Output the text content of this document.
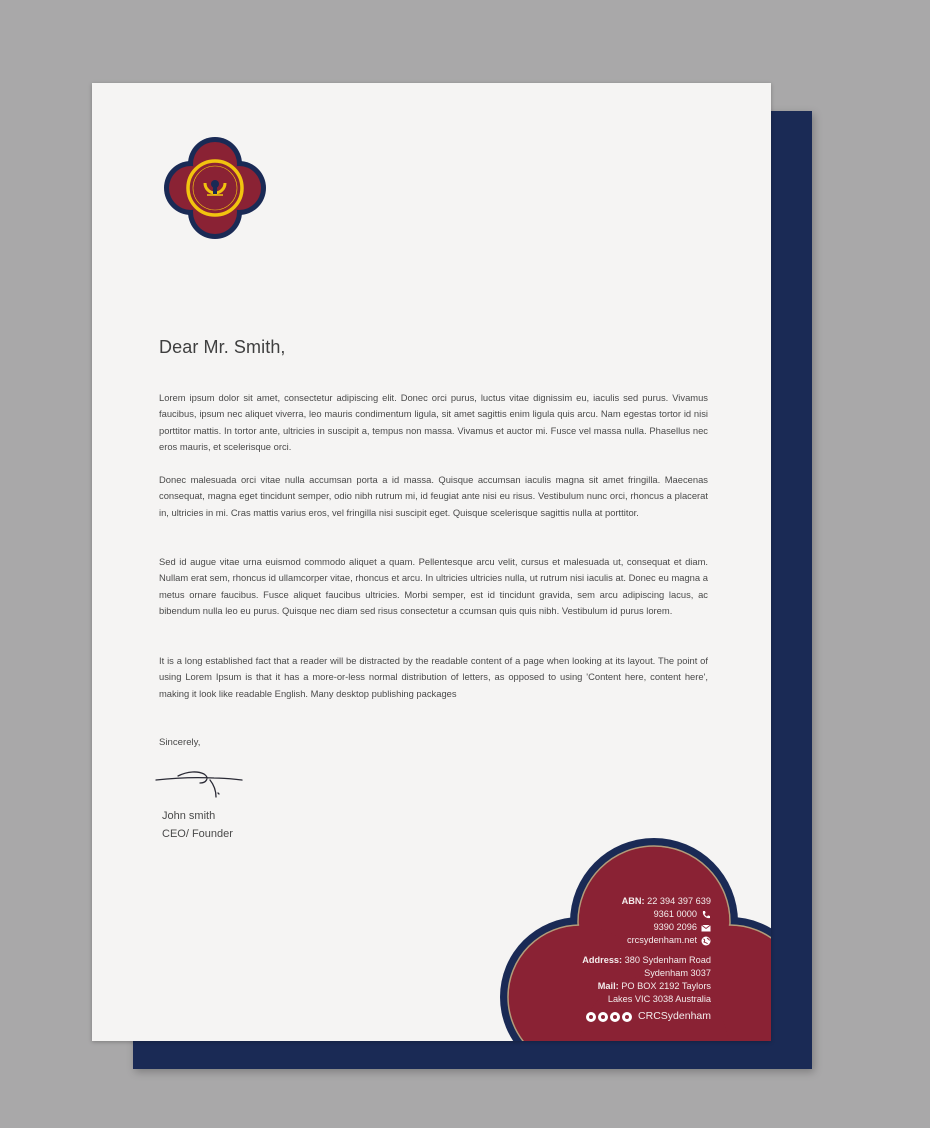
Dear Mr. Smith,

Lorem ipsum dolor sit amet, consectetur adipiscing elit. Donec orci purus, luctus vitae dignissim eu, iaculis sed purus. Vivamus faucibus, ipsum nec aliquet viverra, leo mauris condimentum ligula, sit amet sagittis enim ligula quis arcu. Nam egestas tortor id nisi porttitor mattis. In tortor ante, ultricies in suscipit a, tempus non massa. Vivamus et auctor mi. Fusce vel massa nulla. Phasellus nec eros mauris, et scelerisque orci.

Donec malesuada orci vitae nulla accumsan porta a id massa. Quisque accumsan iaculis magna sit amet fringilla. Maecenas consequat, magna eget tincidunt semper, odio nibh rutrum mi, id feugiat ante nisi eu risus. Vestibulum nunc orci, rhoncus a placerat in, ultricies in mi. Cras mattis varius eros, vel fringilla nisi suscipit eget. Quisque scelerisque sagittis nulla at porttitor.

Sed id augue vitae urna euismod commodo aliquet a quam. Pellentesque arcu velit, cursus et malesuada ut, consequat et diam. Nullam erat sem, rhoncus id ullamcorper vitae, rhoncus et arcu. In ultricies ultricies nulla, ut rutrum nisi iaculis at. Donec eu magna a metus ornare faucibus. Fusce aliquet faucibus ultricies. Morbi semper, est id tincidunt gravida, sem arcu adipiscing lacus, ac bibendum nulla leo eu purus. Quisque nec diam sed risus consectetur a ccumsan quis quis nibh. Vestibulum id purus lorem.

It is a long established fact that a reader will be distracted by the readable content of a page when looking at its layout. The point of using Lorem Ipsum is that it has a more-or-less normal distribution of letters, as opposed to using 'Content here, content here', making it look like readable English. Many desktop publishing packages

Sincerely,
John smith
CEO/ Founder
ABN: 22 394 397 639
9361 0000
9390 2096
crcsydenham.net
Address: 380 Sydenham Road
Sydenham 3037
Mail: PO BOX 2192 Taylors
Lakes VIC 3038 Australia
CRCSydenham
